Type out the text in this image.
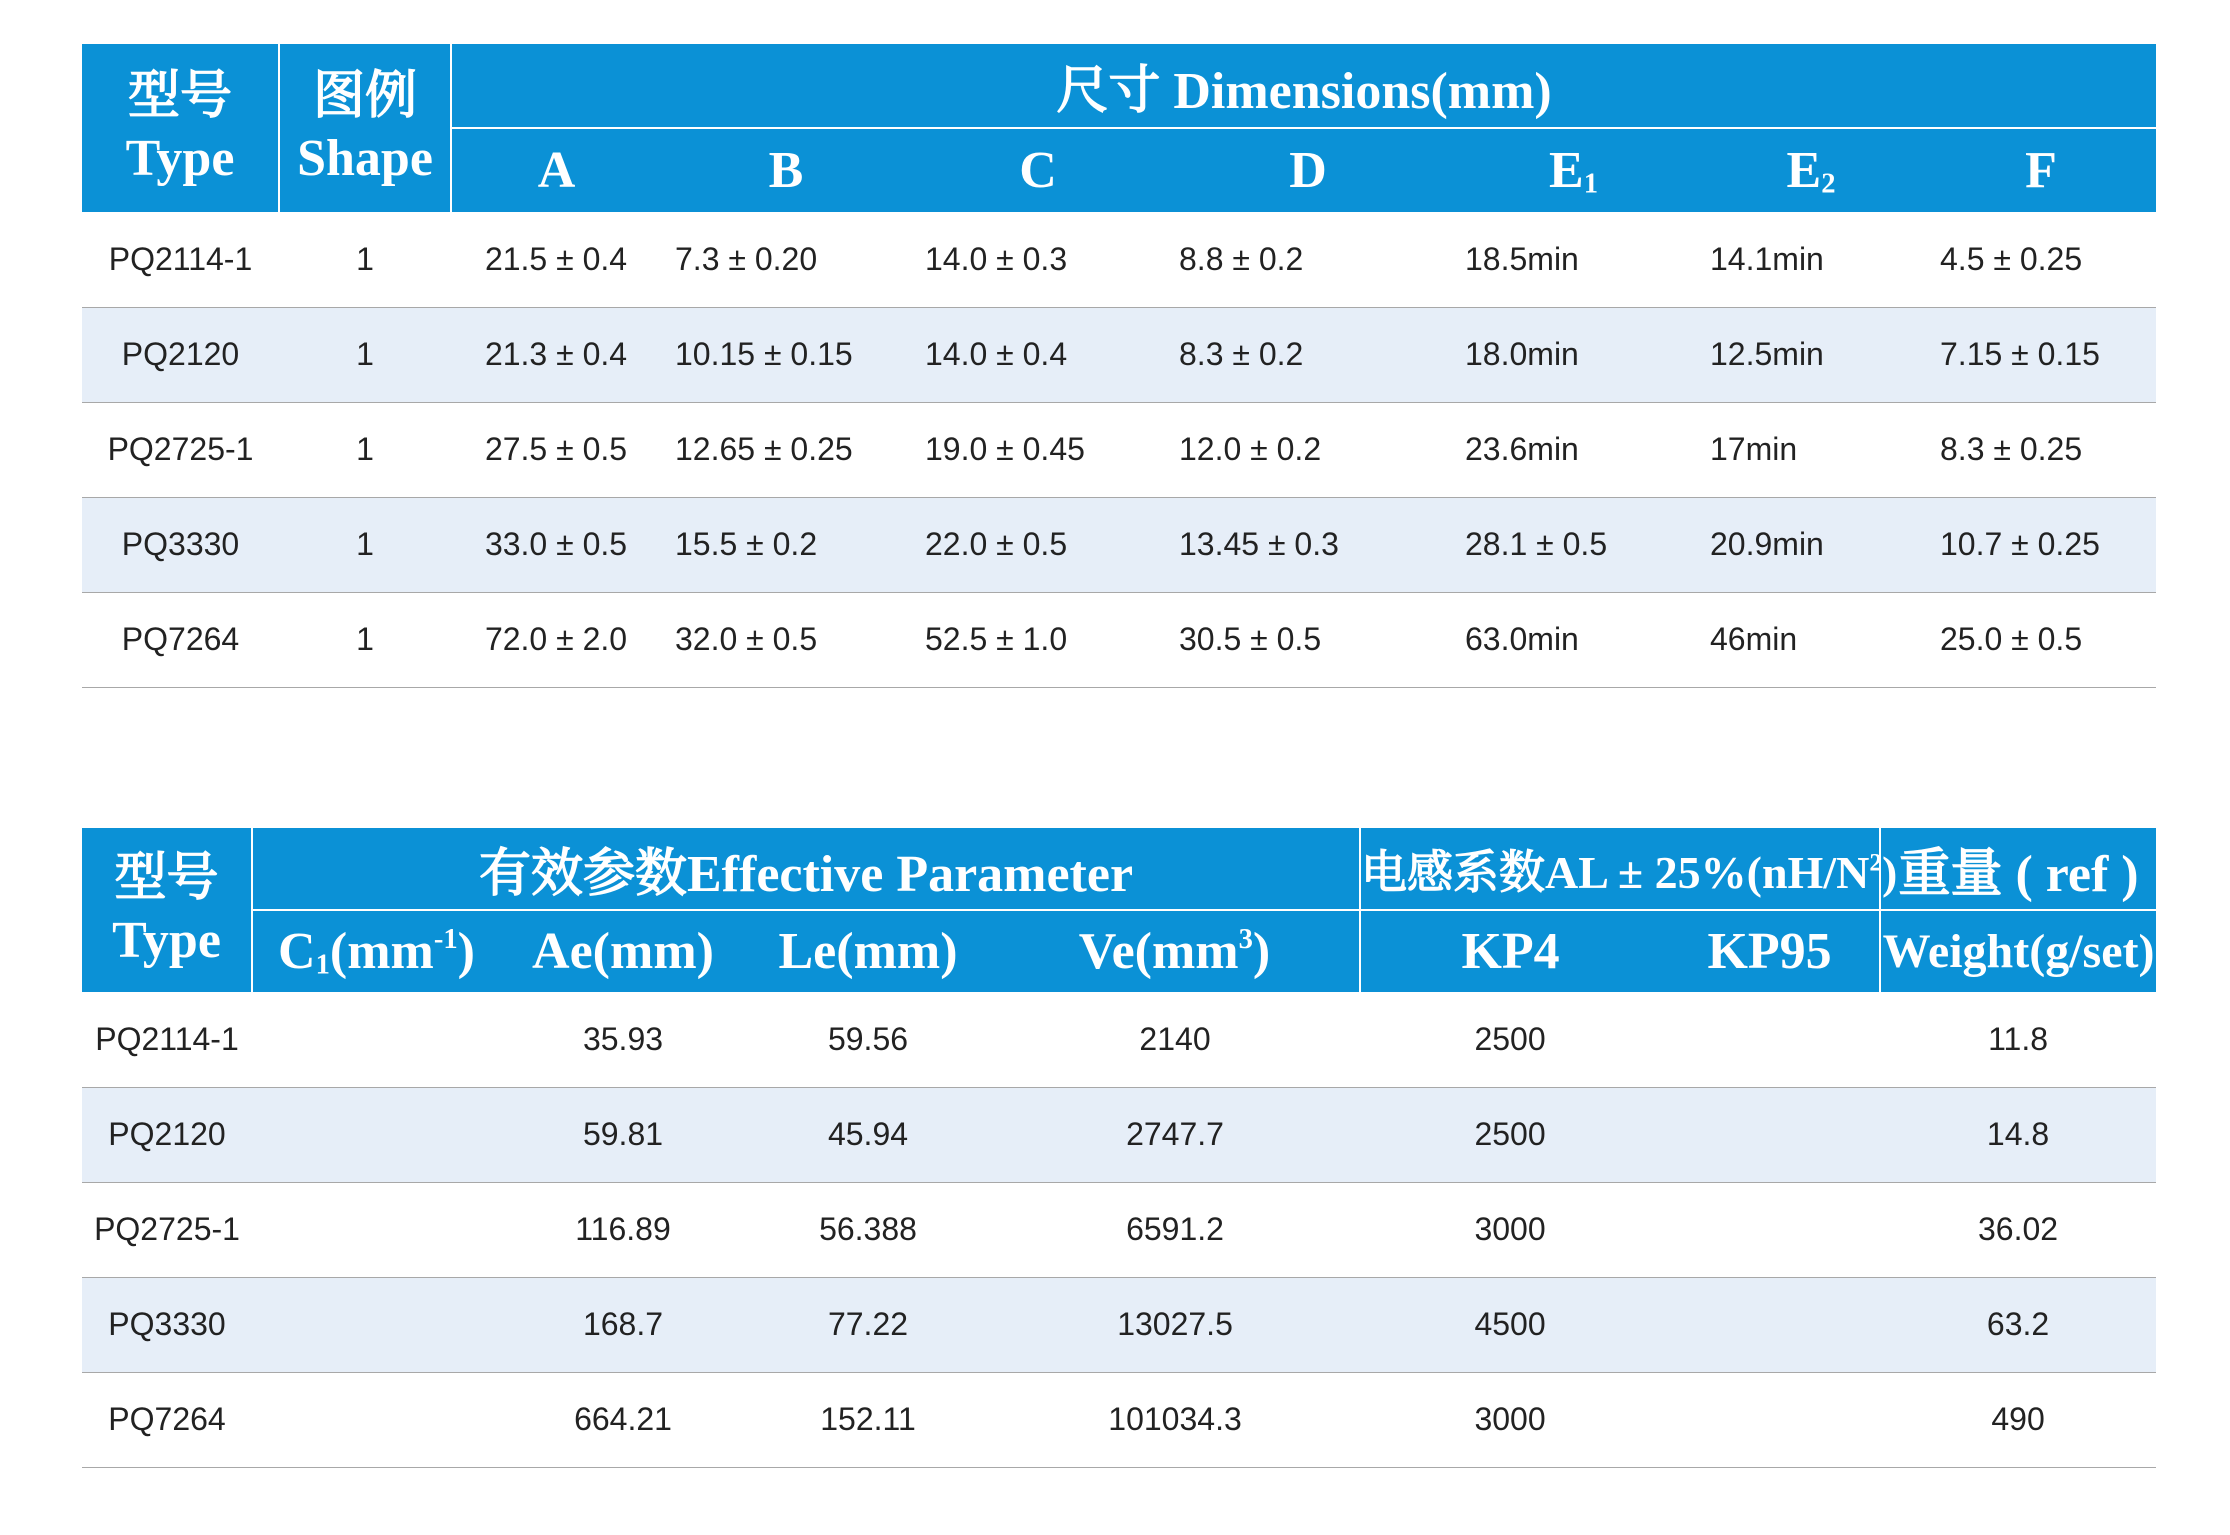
型号
Type	图例
Shape	尺寸 Dimensions(mm)						
		A	B	C	D	$E_1$	$E_2$	F
PQ2114-1	1	21.5 ± 0.4	7.3 ± 0.20	14.0 ± 0.3	8.8 ± 0.2	18.5min	14.1min	4.5 ± 0.25
PQ2120	1	21.3 ± 0.4	10.15 ± 0.15	14.0 ± 0.4	8.3 ± 0.2	18.0min	12.5min	7.15 ± 0.15
PQ2725-1	1	27.5 ± 0.5	12.65 ± 0.25	19.0 ± 0.45	12.0 ± 0.2	23.6min	17min	8.3 ± 0.25
PQ3330	1	33.0 ± 0.5	15.5 ± 0.2	22.0 ± 0.5	13.45 ± 0.3	28.1 ± 0.5	20.9min	10.7 ± 0.25
PQ7264	1	72.0 ± 2.0	32.0 ± 0.5	52.5 ± 1.0	30.5 ± 0.5	63.0min	46min	25.0 ± 0.5
型号
Type	有效参数Effective Parameter				电感系数AL ± $25\%(nH/N^2)$		重量 ( ref )
	$C_1(mm^{-1})$	Ae(mm)	Le(mm)	$Ve(mm^3)$	KP4	KP95	Weight(g/set)
PQ2114-1		35.93	59.56	2140	2500		11.8
PQ2120		59.81	45.94	2747.7	2500		14.8
PQ2725-1		116.89	56.388	6591.2	3000		36.02
PQ3330		168.7	77.22	13027.5	4500		63.2
PQ7264		664.21	152.11	101034.3	3000		490
